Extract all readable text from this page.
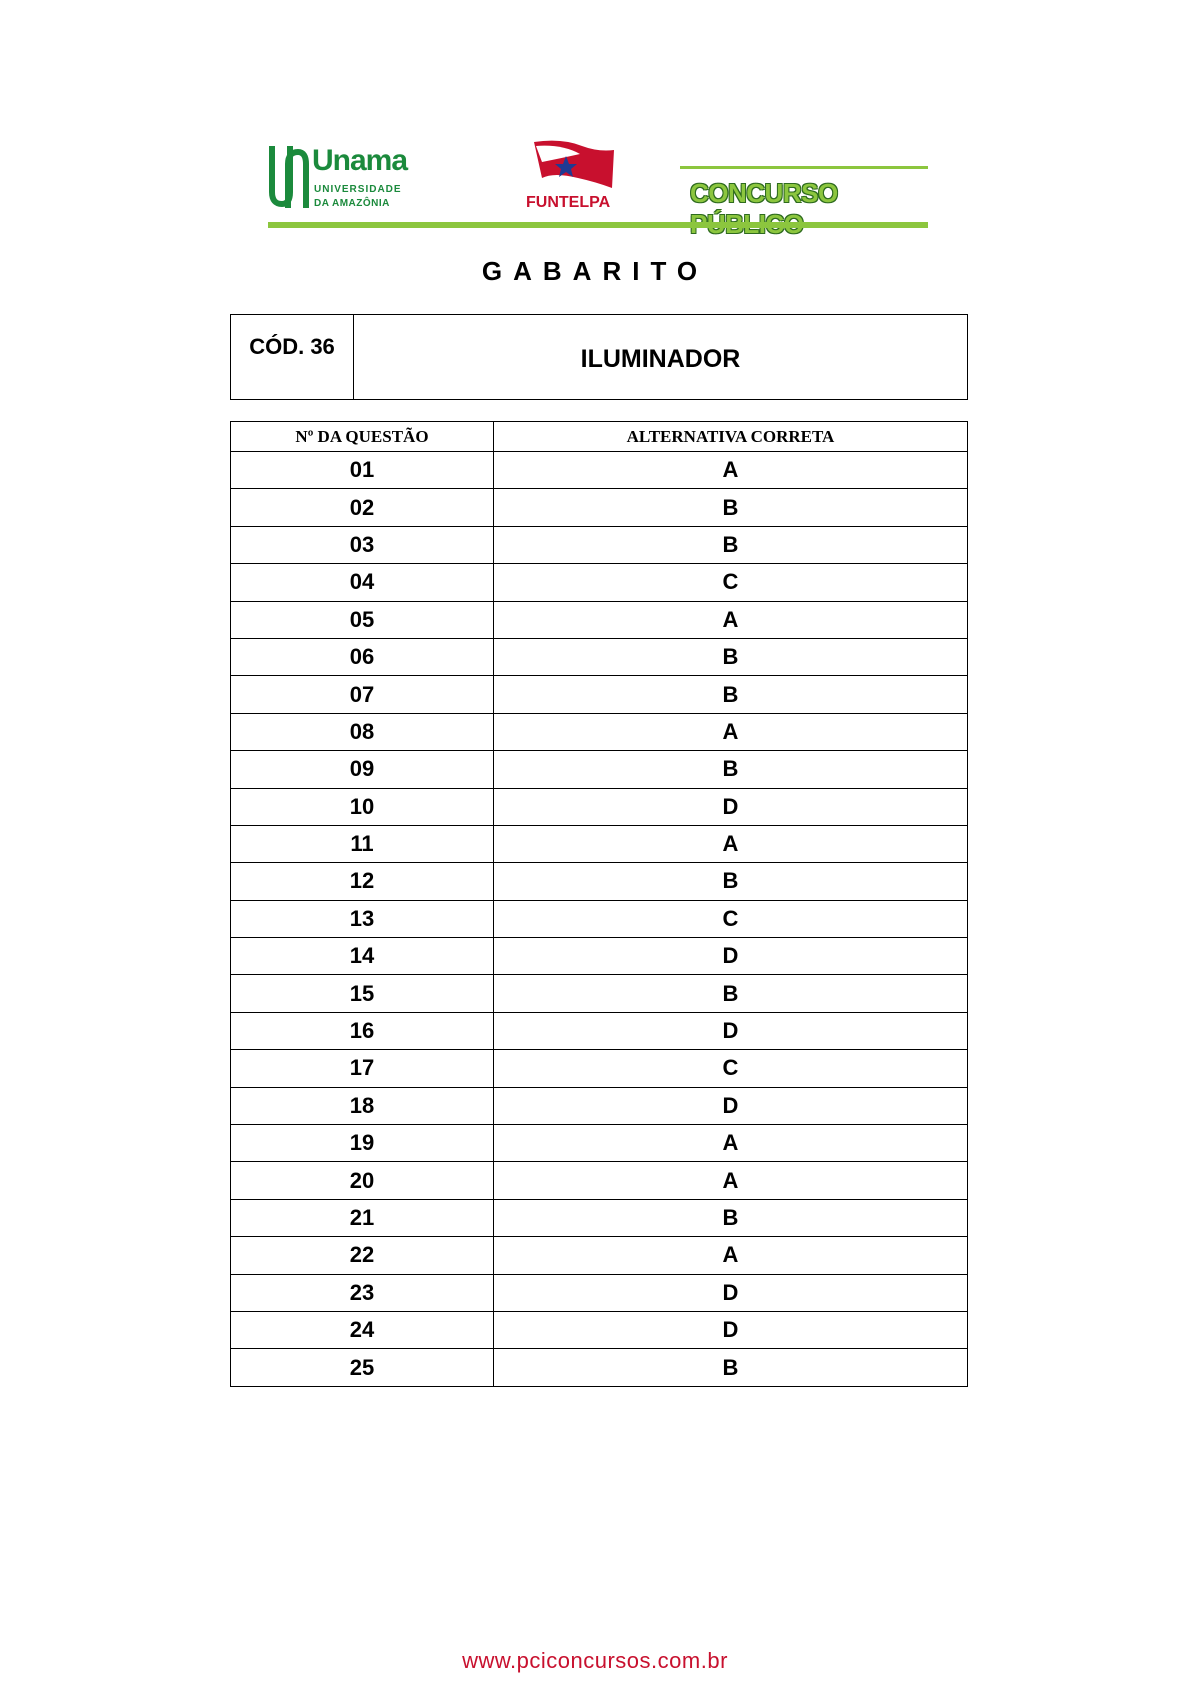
Unama
UNIVERSIDADE
DA AMAZÔNIA	FUNTELPA	CONCURSO
GABARITO
CÓD. 36	ILUMINADOR
Nº DA QUESTÃO	ALTERNATIVA CORRETA
01	A
02	B
03	B
04	C
05	A
06	B
07	B
08	A
09	B
10	D
11	A
12	B
13	C
14	D
15	B
16	D
17	C
18	D
19	A
20	A
21	B
22	A
23	D
24	D
25	B
www.pciconcursos.com.br
